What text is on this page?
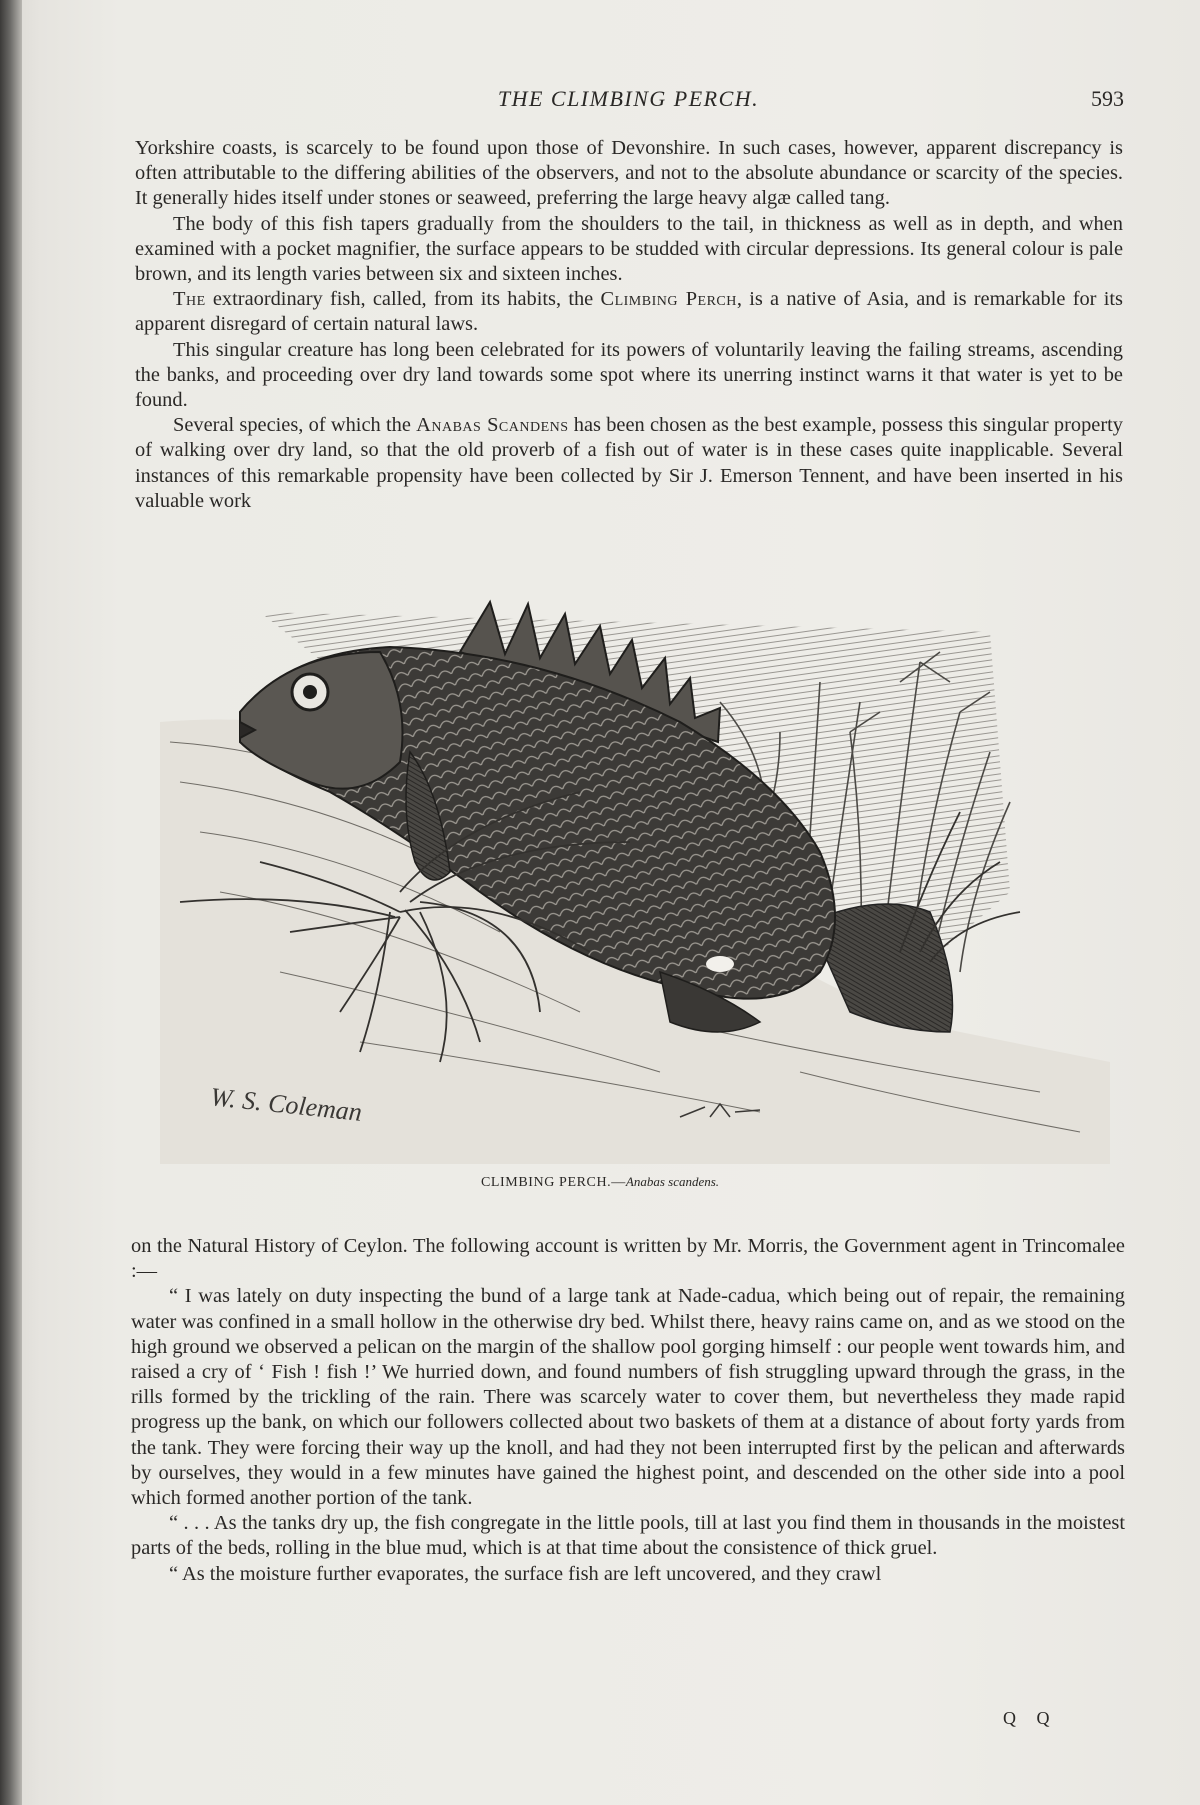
THE CLIMBING PERCH.	593

Yorkshire coasts, is scarcely to be found upon those of Devonshire. In such cases, however, apparent discrepancy is often attributable to the differing abilities of the observers, and not to the absolute abundance or scarcity of the species. It generally hides itself under stones or seaweed, preferring the large heavy algæ called tang.

The body of this fish tapers gradually from the shoulders to the tail, in thickness as well as in depth, and when examined with a pocket magnifier, the surface appears to be studded with circular depressions. Its general colour is pale brown, and its length varies between six and sixteen inches.

The extraordinary fish, called, from its habits, the Climbing Perch, is a native of Asia, and is remarkable for its apparent disregard of certain natural laws.

This singular creature has long been celebrated for its powers of voluntarily leaving the failing streams, ascending the banks, and proceeding over dry land towards some spot where its unerring instinct warns it that water is yet to be found.

Several species, of which the Anabas Scandens has been chosen as the best example, possess this singular property of walking over dry land, so that the old proverb of a fish out of water is in these cases quite inapplicable. Several instances of this remarkable propensity have been collected by Sir J. Emerson Tennent, and have been inserted in his valuable work

W. S. Coleman
CLIMBING PERCH.—Anabas scandens.

on the Natural History of Ceylon. The following account is written by Mr. Morris, the Government agent in Trincomalee :—

“ I was lately on duty inspecting the bund of a large tank at Nade-cadua, which being out of repair, the remaining water was confined in a small hollow in the otherwise dry bed. Whilst there, heavy rains came on, and as we stood on the high ground we observed a pelican on the margin of the shallow pool gorging himself : our people went towards him, and raised a cry of ‘ Fish ! fish !’ We hurried down, and found numbers of fish struggling upward through the grass, in the rills formed by the trickling of the rain. There was scarcely water to cover them, but nevertheless they made rapid progress up the bank, on which our followers collected about two baskets of them at a distance of about forty yards from the tank. They were forcing their way up the knoll, and had they not been interrupted first by the pelican and afterwards by ourselves, they would in a few minutes have gained the highest point, and descended on the other side into a pool which formed another portion of the tank.

“ . . . As the tanks dry up, the fish congregate in the little pools, till at last you find them in thousands in the moistest parts of the beds, rolling in the blue mud, which is at that time about the consistence of thick gruel.

“ As the moisture further evaporates, the surface fish are left uncovered, and they crawl

Q Q
